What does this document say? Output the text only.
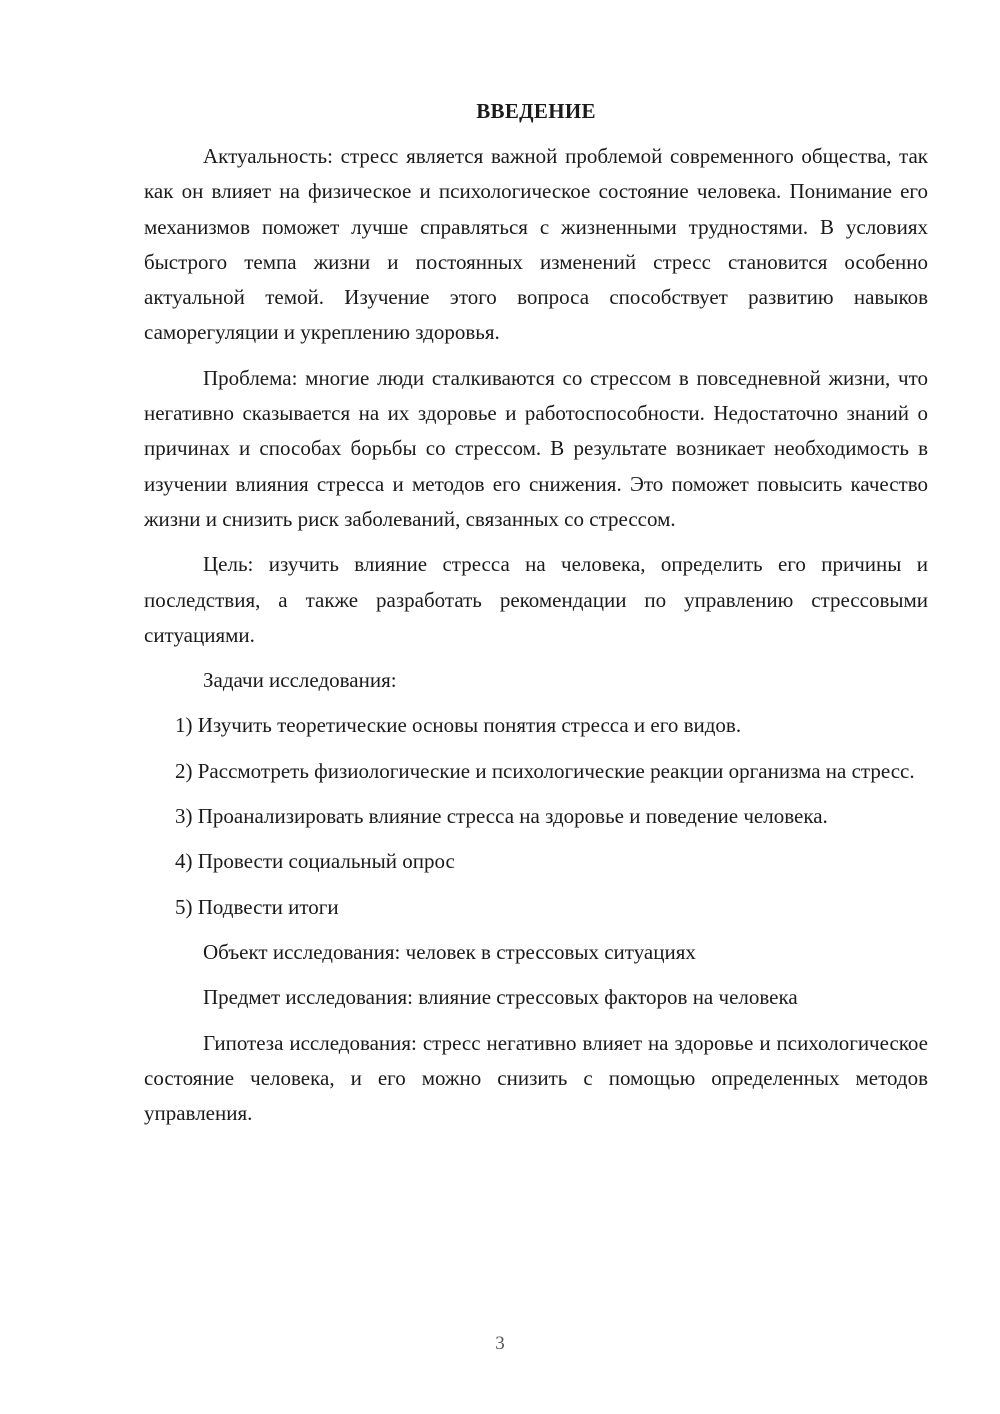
ВВЕДЕНИЕ

Актуальность: стресс является важной проблемой современного общества, так как он влияет на физическое и психологическое состояние человека. Понимание его механизмов поможет лучше справляться с жизненными трудностями. В условиях быстрого темпа жизни и постоянных изменений стресс становится особенно актуальной темой. Изучение этого вопроса способствует развитию навыков саморегуляции и укреплению здоровья.

Проблема: многие люди сталкиваются со стрессом в повседневной жизни, что негативно сказывается на их здоровье и работоспособности. Недостаточно знаний о причинах и способах борьбы со стрессом. В результате возникает необходимость в изучении влияния стресса и методов его снижения. Это поможет повысить качество жизни и снизить риск заболеваний, связанных со стрессом.

Цель: изучить влияние стресса на человека, определить его причины и последствия, а также разработать рекомендации по управлению стрессовыми ситуациями.

Задачи исследования:

1) Изучить теоретические основы понятия стресса и его видов.

2) Рассмотреть физиологические и психологические реакции организма на стресс.

3) Проанализировать влияние стресса на здоровье и поведение человека.

4) Провести социальный опрос

5) Подвести итоги

Объект исследования: человек в стрессовых ситуациях

Предмет исследования: влияние стрессовых факторов на человека

Гипотеза исследования: стресс негативно влияет на здоровье и психологическое состояние человека, и его можно снизить с помощью определенных методов управления.

3
